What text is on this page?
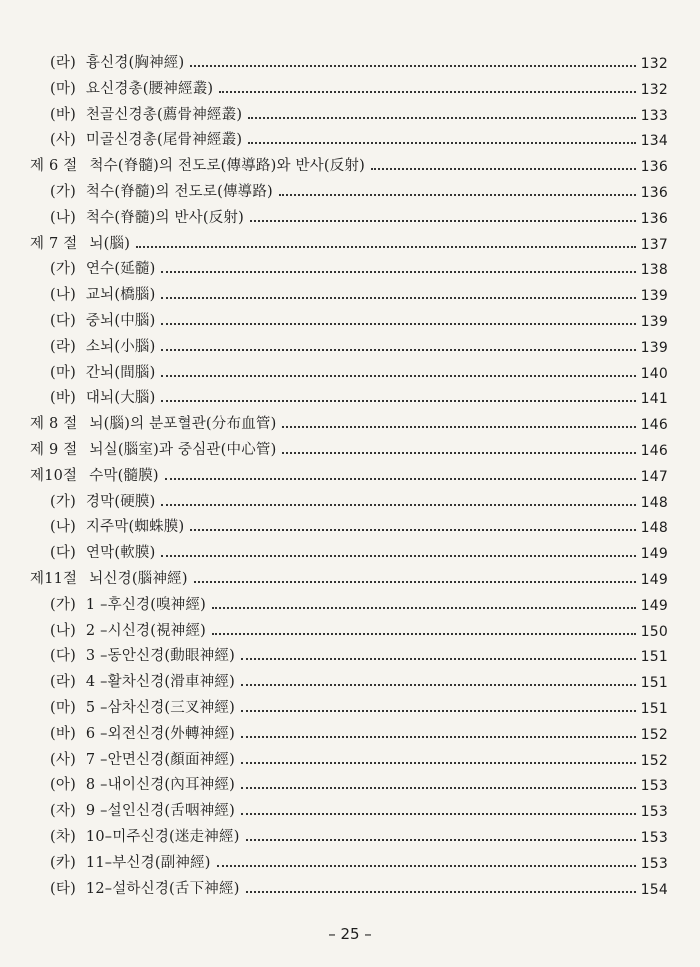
(라) 흉신경(胸神經)	132
(마) 요신경총(腰神經叢)	132
(바) 천골신경총(薦骨神經叢)	133
(사) 미골신경총(尾骨神經叢)	134
제 6 절 척수(脊髓)의 전도로(傳導路)와 반사(反射)	136
(가) 척수(脊髓)의 전도로(傳導路)	136
(나) 척수(脊髓)의 반사(反射)	136
제 7 절 뇌(腦)	137
(가) 연수(延髓)	138
(나) 교뇌(橋腦)	139
(다) 중뇌(中腦)	139
(라) 소뇌(小腦)	139
(마) 간뇌(間腦)	140
(바) 대뇌(大腦)	141
제 8 절 뇌(腦)의 분포혈관(分布血管)	146
제 9 절 뇌실(腦室)과 중심관(中心管)	146
제10절 수막(髓膜)	147
(가) 경막(硬膜)	148
(나) 지주막(蜘蛛膜)	148
(다) 연막(軟膜)	149
제11절 뇌신경(腦神經)	149
(가) 1 –후신경(嗅神經)	149
(나) 2 –시신경(視神經)	150
(다) 3 –동안신경(動眼神經)	151
(라) 4 –활차신경(滑車神經)	151
(마) 5 –삼차신경(三叉神經)	151
(바) 6 –외전신경(外轉神經)	152
(사) 7 –안면신경(顏面神經)	152
(아) 8 –내이신경(內耳神經)	153
(자) 9 –설인신경(舌咽神經)	153
(차) 10–미주신경(迷走神經)	153
(카) 11–부신경(副神經)	153
(타) 12–설하신경(舌下神經)	154
– 25 –
